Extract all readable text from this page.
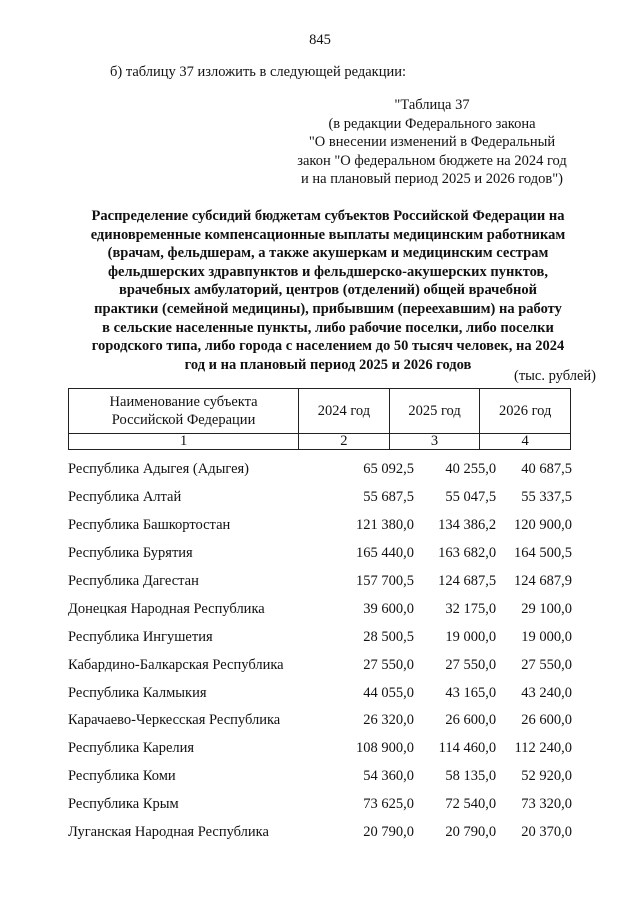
845
б) таблицу 37 изложить в следующей редакции:
"Таблица 37
(в редакции Федерального закона
"О внесении изменений в Федеральный
закон "О федеральном бюджете на 2024 год
и на плановый период 2025 и 2026 годов")
Распределение субсидий бюджетам субъектов Российской Федерации на
единовременные компенсационные выплаты медицинским работникам
(врачам, фельдшерам, а также акушеркам и медицинским сестрам
фельдшерских здравпунктов и фельдшерско-акушерских пунктов,
врачебных амбулаторий, центров (отделений) общей врачебной
практики (семейной медицины), прибывшим (переехавшим) на работу
в сельские населенные пункты, либо рабочие поселки, либо поселки
городского типа, либо города с населением до 50 тысяч человек, на 2024
год и на плановый период 2025 и 2026 годов
(тыс. рублей)
Наименование субъекта
Российской Федерации	2024 год	2025 год	2026 год
1	2	3	4
Республика Адыгея (Адыгея)	65 092,5	40 255,0	40 687,5
Республика Алтай	55 687,5	55 047,5	55 337,5
Республика Башкортостан	121 380,0	134 386,2	120 900,0
Республика Бурятия	165 440,0	163 682,0	164 500,5
Республика Дагестан	157 700,5	124 687,5	124 687,9
Донецкая Народная Республика	39 600,0	32 175,0	29 100,0
Республика Ингушетия	28 500,5	19 000,0	19 000,0
Кабардино-Балкарская Республика	27 550,0	27 550,0	27 550,0
Республика Калмыкия	44 055,0	43 165,0	43 240,0
Карачаево-Черкесская Республика	26 320,0	26 600,0	26 600,0
Республика Карелия	108 900,0	114 460,0	112 240,0
Республика Коми	54 360,0	58 135,0	52 920,0
Республика Крым	73 625,0	72 540,0	73 320,0
Луганская Народная Республика	20 790,0	20 790,0	20 370,0
